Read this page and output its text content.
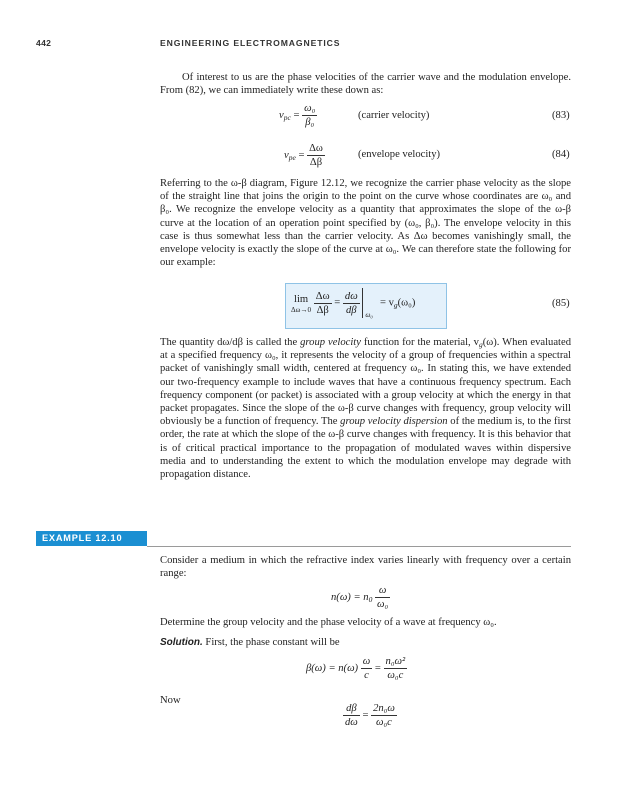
442	ENGINEERING ELECTROMAGNETICS

Of interest to us are the phase velocities of the carrier wave and the modulation envelope. From (82), we can immediately write these down as:

$v_{pc} = \frac{\text{ω₀}}{\text{β₀}}$	(carrier velocity)	(83)
$v_{pe} = \frac{\Delta\omega}{\Delta\beta}$	(envelope velocity)	(84)

Referring to the ω-β diagram, Figure 12.12, we recognize the carrier phase velocity as the slope of the straight line that joins the origin to the point on the curve whose coordinates are ω₀ and β₀. We recognize the envelope velocity as a quantity that approximates the slope of the ω-β curve at the location of an operation point specified by (ω₀, β₀). The envelope velocity in this case is thus somewhat less than the carrier velocity. As Δω becomes vanishingly small, the envelope velocity is exactly the slope of the curve at ω₀. We can therefore state the following for our example:

lim
Δω→0
$\frac{\Delta\omega}{\Delta\beta} = \frac{d\omega}{d\beta}$
ω₀
= $v_g(\omega_0)$	(85)

The quantity dω/dβ is called the group velocity function for the material, $v_g(\omega)$. When evaluated at a specified frequency ω₀, it represents the velocity of a group of frequencies within a spectral packet of vanishingly small width, centered at frequency ω₀. In stating this, we have extended our two-frequency example to include waves that have a continuous frequency spectrum. Each frequency component (or packet) is associated with a group velocity at which the energy in that packet propagates. Since the slope of the ω-β curve changes with frequency, group velocity will obviously be a function of frequency. The group velocity dispersion of the medium is, to the first order, the rate at which the slope of the ω-β curve changes with frequency. It is this behavior that is of critical practical importance to the propagation of modulated waves within dispersive media and to understanding the extent to which the modulation envelope may degrade with propagation distance.

EXAMPLE 12.10

Consider a medium in which the refractive index varies linearly with frequency over a certain range:

$n(\omega) = n_0 \frac{\omega}{\text{ω₀}}$

Determine the group velocity and the phase velocity of a wave at frequency ω₀.

Solution. First, the phase constant will be

$\beta(\omega) = n(\omega) \frac{\omega}{c} = \frac{\text{n₀ω²}}{\text{ω₀c}}$

Now

$\frac{d\beta}{d\omega} = \frac{\text{2n₀ω}}{\text{ω₀c}}$
